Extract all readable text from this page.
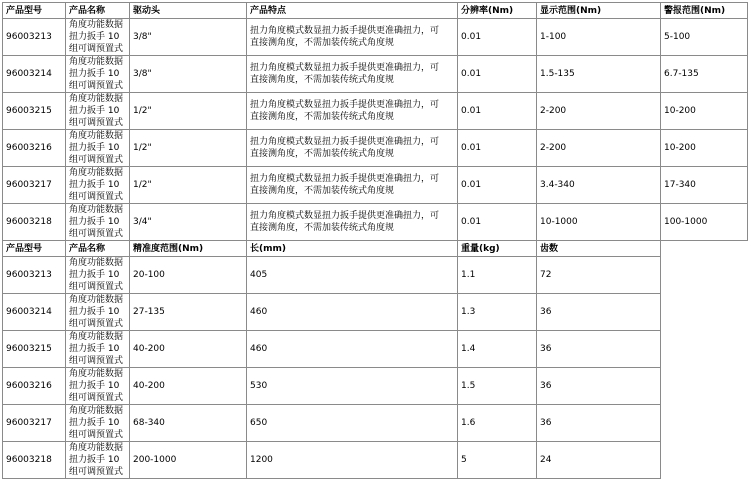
产品型号	产品名称	驱动头	产品特点	分辨率(Nm)	显示范围(Nm)	警报范围(Nm)
96003213	角度功能数据
扭力扳手 10
组可调预置式	3/8"	扭力角度模式数显扭力扳手提供更准确扭力，可
直接测角度，不需加装传统式角度规	0.01	1-100	5-100
96003214	角度功能数据
扭力扳手 10
组可调预置式	3/8"	扭力角度模式数显扭力扳手提供更准确扭力，可
直接测角度，不需加装传统式角度规	0.01	1.5-135	6.7-135
96003215	角度功能数据
扭力扳手 10
组可调预置式	1/2"	扭力角度模式数显扭力扳手提供更准确扭力，可
直接测角度，不需加装传统式角度规	0.01	2-200	10-200
96003216	角度功能数据
扭力扳手 10
组可调预置式	1/2"	扭力角度模式数显扭力扳手提供更准确扭力，可
直接测角度，不需加装传统式角度规	0.01	2-200	10-200
96003217	角度功能数据
扭力扳手 10
组可调预置式	1/2"	扭力角度模式数显扭力扳手提供更准确扭力，可
直接测角度，不需加装传统式角度规	0.01	3.4-340	17-340
96003218	角度功能数据
扭力扳手 10
组可调预置式	3/4"	扭力角度模式数显扭力扳手提供更准确扭力，可
直接测角度，不需加装传统式角度规	0.01	10-1000	100-1000
产品型号	产品名称	精准度范围(Nm)	长(mm)	重量(kg)	齿数	
96003213	角度功能数据
扭力扳手 10
组可调预置式	20-100	405	1.1	72	
96003214	角度功能数据
扭力扳手 10
组可调预置式	27-135	460	1.3	36	
96003215	角度功能数据
扭力扳手 10
组可调预置式	40-200	460	1.4	36	
96003216	角度功能数据
扭力扳手 10
组可调预置式	40-200	530	1.5	36	
96003217	角度功能数据
扭力扳手 10
组可调预置式	68-340	650	1.6	36	
96003218	角度功能数据
扭力扳手 10
组可调预置式	200-1000	1200	5	24	
